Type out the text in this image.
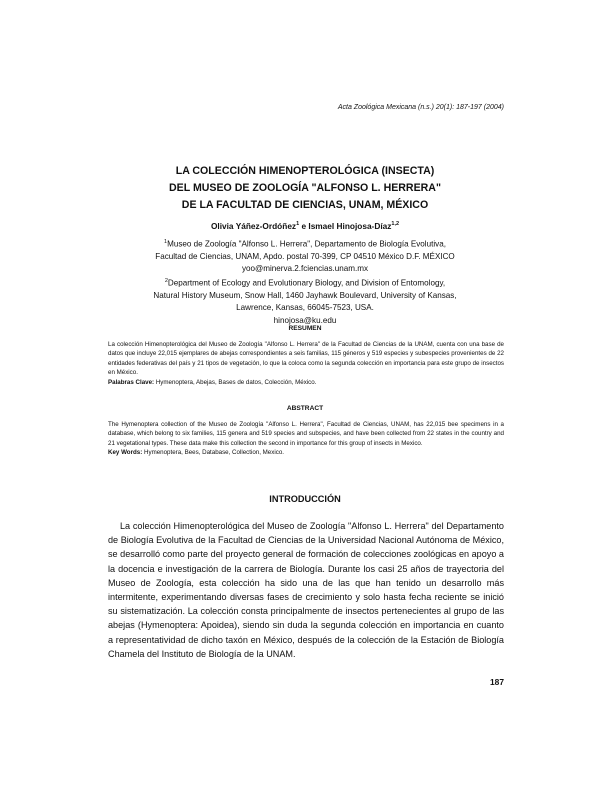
Acta Zoológica Mexicana (n.s.) 20(1): 187-197 (2004)
LA COLECCIÓN HIMENOPTEROLÓGICA (INSECTA)
DEL MUSEO DE ZOOLOGÍA "ALFONSO L. HERRERA"
DE LA FACULTAD DE CIENCIAS, UNAM, MÉXICO
Olivia Yáñez-Ordóñez$^1$ e Ismael Hinojosa-Díaz$^{1,2}$
$^1$Museo de Zoología "Alfonso L. Herrera", Departamento de Biología Evolutiva,
Facultad de Ciencias, UNAM, Apdo. postal 70-399, CP 04510 México D.F. MÉXICO
yoo@minerva.2.fciencias.unam.mx
$^2$Department of Ecology and Evolutionary Biology, and Division of Entomology,
Natural History Museum, Snow Hall, 1460 Jayhawk Boulevard, University of Kansas,
Lawrence, Kansas, 66045-7523, USA.
hinojosa@ku.edu
RESUMEN
La colección Himenopterológica del Museo de Zoología "Alfonso L. Herrera" de la Facultad de Ciencias de la UNAM, cuenta con una base de datos que incluye 22,015 ejemplares de abejas correspondientes a seis familias, 115 géneros y 519 especies y subespecies provenientes de 22 entidades federativas del país y 21 tipos de vegetación, lo que la coloca como la segunda colección en importancia para este grupo de insectos en México.
Palabras Clave: Hymenoptera, Abejas, Bases de datos, Colección, México.
ABSTRACT
The Hymenoptera collection of the Museo de Zoología "Alfonso L. Herrera", Facultad de Ciencias, UNAM, has 22,015 bee specimens in a database, which belong to six families, 115 genera and 519 species and subspecies, and have been collected from 22 states in the country and 21 vegetational types. These data make this collection the second in importance for this group of insects in Mexico.
Key Words: Hymenoptera, Bees, Database, Collection, Mexico.
INTRODUCCIÓN
La colección Himenopterológica del Museo de Zoología "Alfonso L. Herrera" del Departamento de Biología Evolutiva de la Facultad de Ciencias de la Universidad Nacional Autónoma de México, se desarrolló como parte del proyecto general de formación de colecciones zoológicas en apoyo a la docencia e investigación de la carrera de Biología. Durante los casi 25 años de trayectoria del Museo de Zoología, esta colección ha sido una de las que han tenido un desarrollo más intermitente, experimentando diversas fases de crecimiento y solo hasta fecha reciente se inició su sistematización. La colección consta principalmente de insectos pertenecientes al grupo de las abejas (Hymenoptera: Apoidea), siendo sin duda la segunda colección en importancia en cuanto a representatividad de dicho taxón en México, después de la colección de la Estación de Biología Chamela del Instituto de Biología de la UNAM.
187
